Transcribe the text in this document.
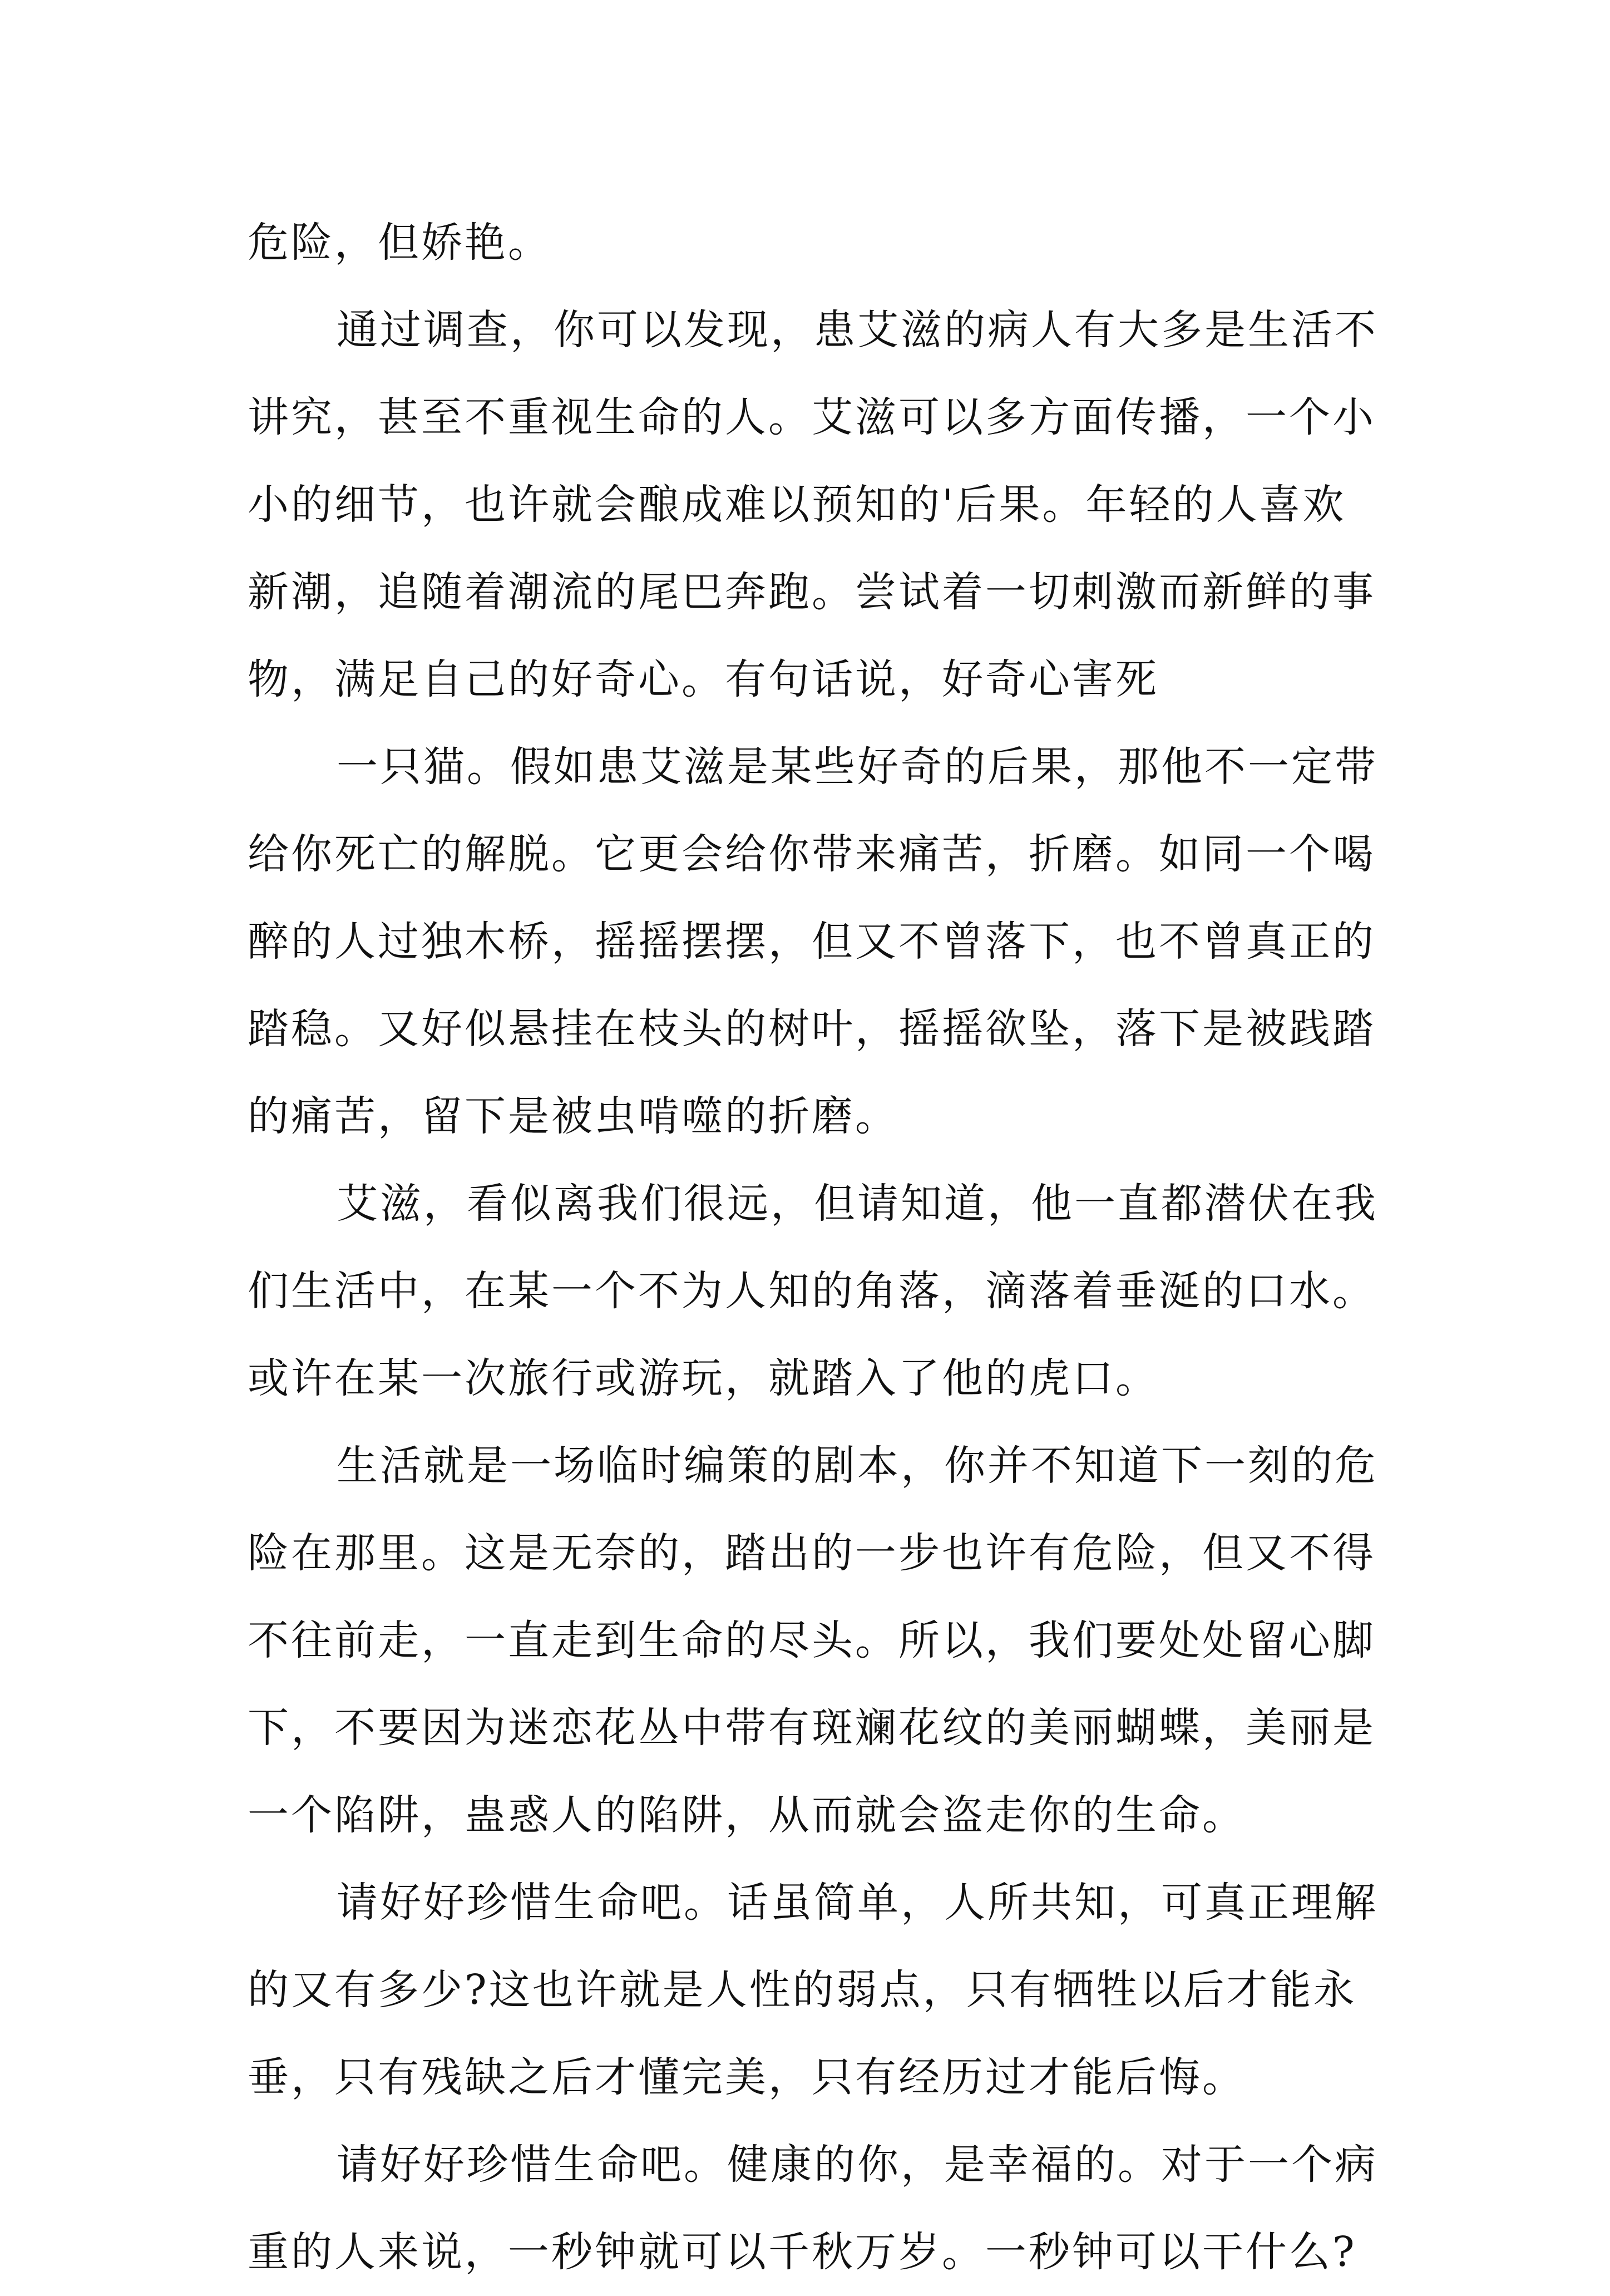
危险，但娇艳。
通过调查，你可以发现，患艾滋的病人有大多是生活不
讲究，甚至不重视生命的人。艾滋可以多方面传播，一个小
小的细节，也许就会酿成难以预知的'后果。年轻的人喜欢
新潮，追随着潮流的尾巴奔跑。尝试着一切刺激而新鲜的事
物，满足自己的好奇心。有句话说，好奇心害死
一只猫。假如患艾滋是某些好奇的后果，那他不一定带
给你死亡的解脱。它更会给你带来痛苦，折磨。如同一个喝
醉的人过独木桥，摇摇摆摆，但又不曾落下，也不曾真正的
踏稳。又好似悬挂在枝头的树叶，摇摇欲坠，落下是被践踏
的痛苦，留下是被虫啃噬的折磨。
艾滋，看似离我们很远，但请知道，他一直都潜伏在我
们生活中，在某一个不为人知的角落，滴落着垂涎的口水。
或许在某一次旅行或游玩，就踏入了他的虎口。
生活就是一场临时编策的剧本，你并不知道下一刻的危
险在那里。这是无奈的，踏出的一步也许有危险，但又不得
不往前走，一直走到生命的尽头。所以，我们要处处留心脚
下，不要因为迷恋花丛中带有斑斓花纹的美丽蝴蝶，美丽是
一个陷阱，蛊惑人的陷阱，从而就会盗走你的生命。
请好好珍惜生命吧。话虽简单，人所共知，可真正理解
的又有多少?这也许就是人性的弱点，只有牺牲以后才能永
垂，只有残缺之后才懂完美，只有经历过才能后悔。
请好好珍惜生命吧。健康的你，是幸福的。对于一个病
重的人来说，一秒钟就可以千秋万岁。一秒钟可以干什么?
